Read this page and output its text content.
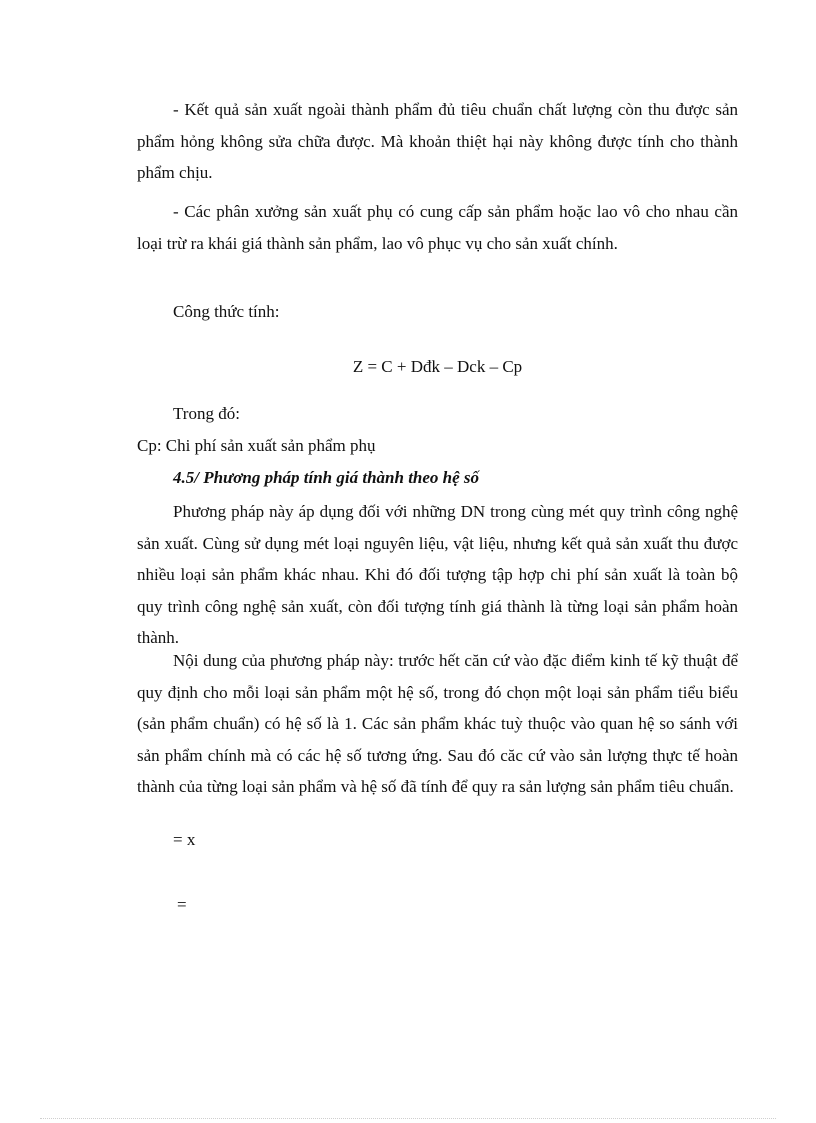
- Kết quả sản xuất ngoài thành phẩm đủ tiêu chuẩn chất lượng còn thu được sản phẩm hỏng không sửa chữa được. Mà khoản thiệt hại này không được tính cho thành phẩm chịu.

- Các phân xưởng sản xuất phụ có cung cấp sản phẩm hoặc lao vô cho nhau cần loại trừ ra khái giá thành sản phẩm, lao vô phục vụ cho sản xuất chính.

Công thức tính:

Z = C + Dđk – Dck – Cp

Trong đó:

Cp: Chi phí sản xuất sản phẩm phụ

4.5/ Phương pháp tính giá thành theo hệ số

Phương pháp này áp dụng đối với những DN trong cùng mét quy trình công nghệ sản xuất. Cùng sử dụng mét loại nguyên liệu, vật liệu, nhưng kết quả sản xuất thu được nhiều loại sản phẩm khác nhau. Khi đó đối tượng tập hợp chi phí sản xuất là toàn bộ quy trình công nghệ sản xuất, còn đối tượng tính giá thành là từng loại sản phẩm hoàn thành.

Nội dung của phương pháp này: trước hết căn cứ vào đặc điểm kinh tế kỹ thuật để quy định cho mỗi loại sản phẩm một hệ số, trong đó chọn một loại sản phẩm tiểu biểu (sản phẩm chuẩn) có hệ số là 1. Các sản phẩm khác tuỳ thuộc vào quan hệ so sánh với sản phẩm chính mà có các hệ số tương ứng. Sau đó căc cứ vào sản lượng thực tế hoàn thành của từng loại sản phẩm và hệ số đã tính để quy ra sản lượng sản phẩm tiêu chuẩn.

= x

=
